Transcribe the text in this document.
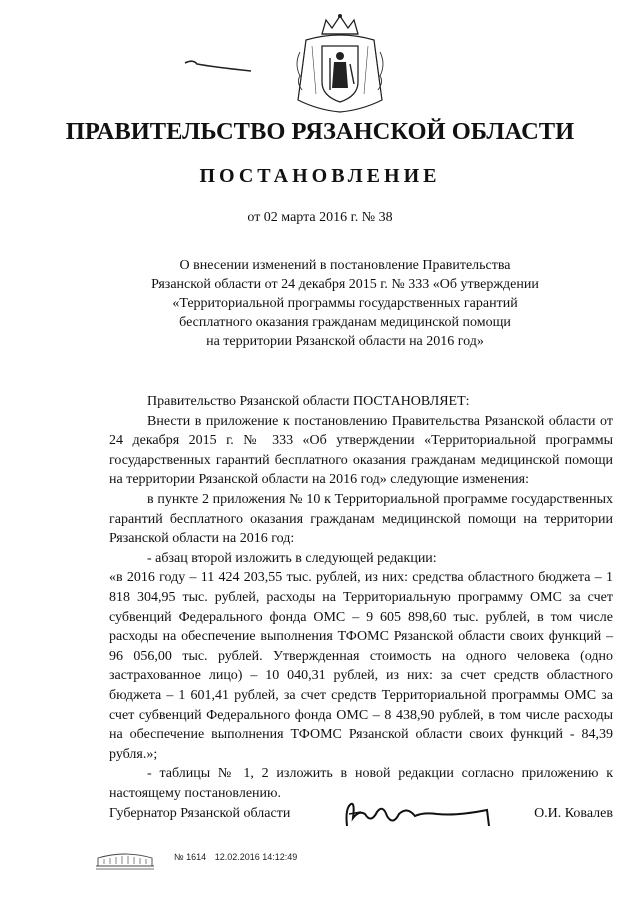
ПРАВИТЕЛЬСТВО РЯЗАНСКОЙ ОБЛАСТИ
ПОСТАНОВЛЕНИЕ
от 02 марта 2016 г. № 38
О внесении изменений в постановление Правительства
Рязанской области от 24 декабря 2015 г. № 333 «Об утверждении
«Территориальной программы государственных гарантий
бесплатного оказания гражданам медицинской помощи
на территории Рязанской области на 2016 год»

Правительство Рязанской области ПОСТАНОВЛЯЕТ:

Внести в приложение к постановлению Правительства Рязанской области от 24 декабря 2015 г. № 333 «Об утверждении «Территориальной программы государственных гарантий бесплатного оказания гражданам медицинской помощи на территории Рязанской области на 2016 год» следующие изменения:

в пункте 2 приложения № 10 к Территориальной программе государственных гарантий бесплатного оказания гражданам медицинской помощи на территории Рязанской области на 2016 год:

- абзац второй изложить в следующей редакции:

«в 2016 году – 11 424 203,55 тыс. рублей, из них: средства областного бюджета – 1 818 304,95 тыс. рублей, расходы на Территориальную программу ОМС за счет субвенций Федерального фонда ОМС – 9 605 898,60 тыс. рублей, в том числе расходы на обеспечение выполнения ТФОМС Рязанской области своих функций – 96 056,00 тыс. рублей. Утвержденная стоимость на одного человека (одно застрахованное лицо) – 10 040,31 рублей, из них: за счет средств областного бюджета – 1 601,41 рублей, за счет средств Территориальной программы ОМС за счет субвенций Федерального фонда ОМС – 8 438,90 рублей, в том числе расходы на обеспечение выполнения ТФОМС Рязанской области своих функций - 84,39 рубля.»;

- таблицы № 1, 2 изложить в новой редакции согласно приложению к настоящему постановлению.

Губернатор Рязанской области	О.И. Ковалев
№ 1614 12.02.2016 14:12:49
